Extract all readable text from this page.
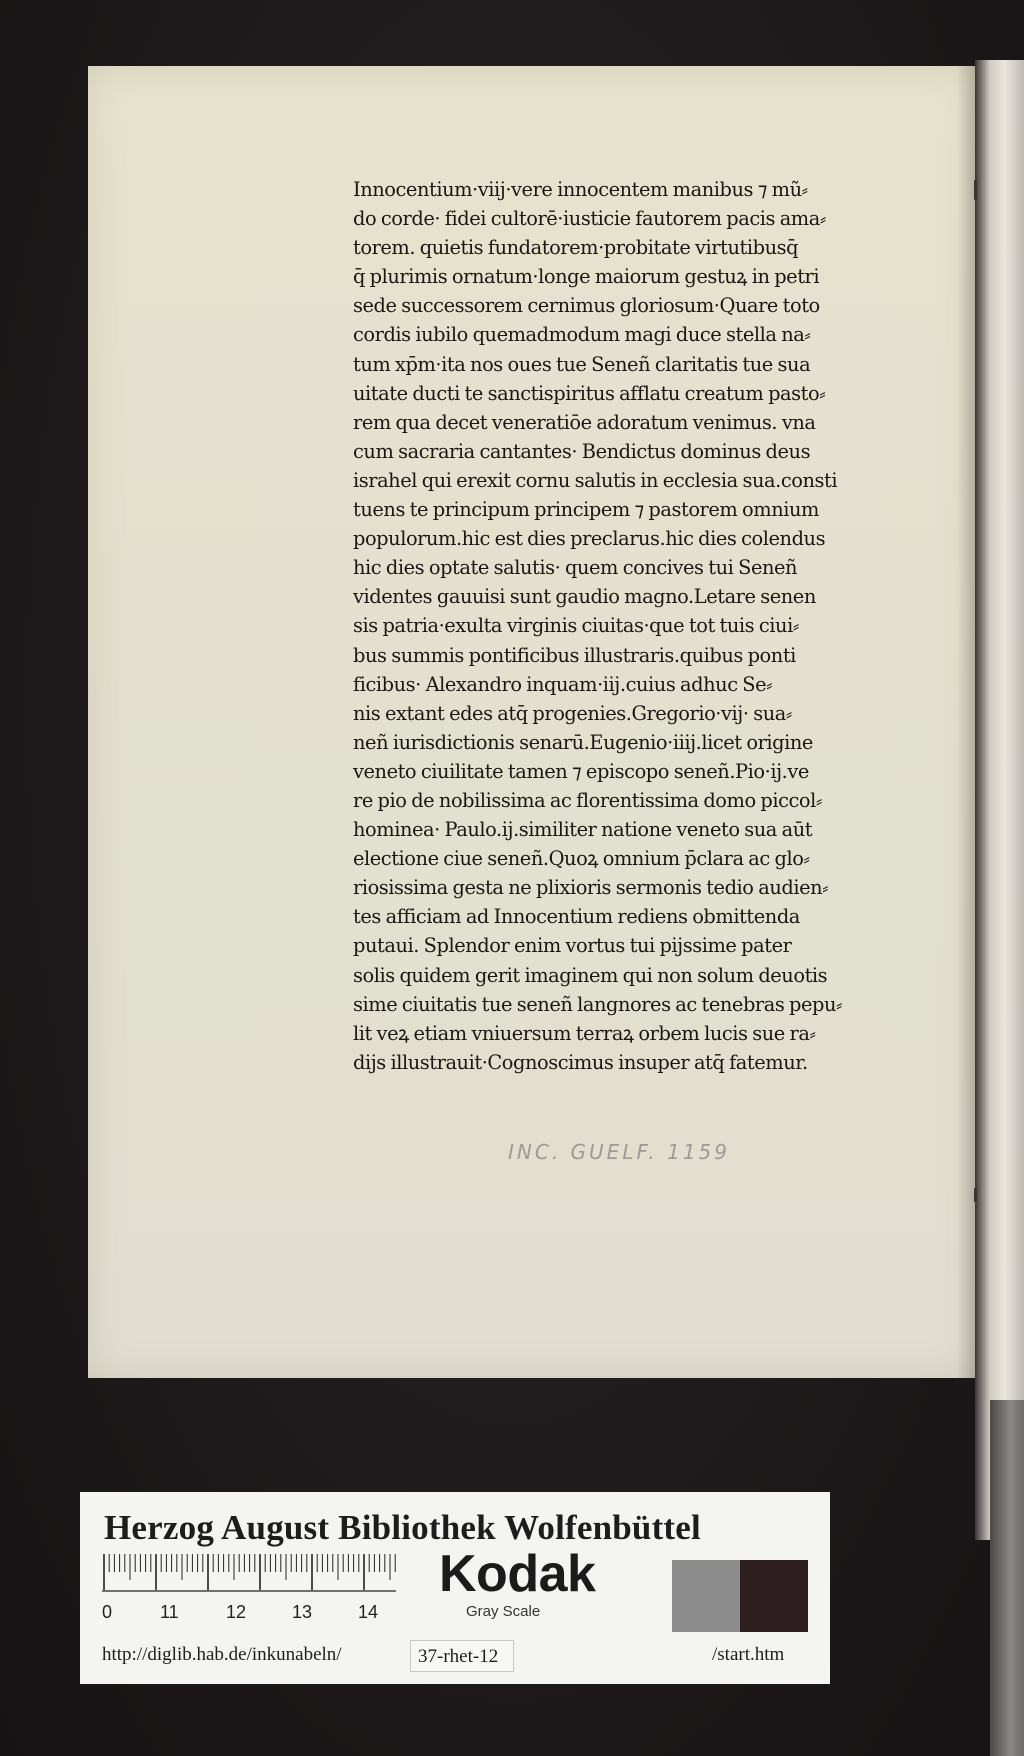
Innocentium·viij·vere innocentem manibus ⁊ mũ⸗
do corde· fidei cultorē·iusticie fautorem pacis ama⸗
torem. quietis fundatorem·probitate virtutibusq̄
q̄ plurimis ornatum·longe maiorum gestuꝝ in petri
sede successorem cernimus gloriosum·Quare toto
cordis iubilo quemadmodum magi duce stella na⸗
tum xp̄m·ita nos oues tue Seneñ claritatis tue sua
uitate ducti te sanctispiritus afflatu creatum pasto⸗
rem qua decet veneratiōe adoratum venimus. vna
cum sacraria cantantes· Bendictus dominus deus
israhel qui erexit cornu salutis in ecclesia sua.consti
tuens te principum principem ⁊ pastorem omnium
populorum.hic est dies preclarus.hic dies colendus
hic dies optate salutis· quem concives tui Seneñ
videntes gauuisi sunt gaudio magno.Letare senen
sis patria·exulta virginis ciuitas·que tot tuis ciui⸗
bus summis pontificibus illustraris.quibus ponti
ficibus· Alexandro inquam·iij.cuius adhuc Se⸗
nis extant edes atq̄ progenies.Gregorio·vij· sua⸗
neñ iurisdictionis senarū.Eugenio·iiij.licet origine
veneto ciuilitate tamen ⁊ episcopo seneñ.Pio·ij.ve
re pio de nobilissima ac florentissima domo piccol⸗
hominea· Paulo.ij.similiter natione veneto sua aūt
electione ciue seneñ.Quoꝝ omnium p̄clara ac glo⸗
riosissima gesta ne plixioris sermonis tedio audien⸗
tes afficiam ad Innocentium rediens obmittenda
putaui. Splendor enim vortus tui pijssime pater
solis quidem gerit imaginem qui non solum deuotis
sime ciuitatis tue seneñ langnores ac tenebras pepu⸗
lit veꝝ etiam vniuersum terraꝝ orbem lucis sue ra⸗
dijs illustrauit·Cognoscimus insuper atq̄ fatemur.
INC. GUELF. 1159
Herzog August Bibliothek Wolfenbüttel
0	11	12	13	14
Kodak
Gray Scale
http://diglib.hab.de/inkunabeln/	37-rhet-12	/start.htm
